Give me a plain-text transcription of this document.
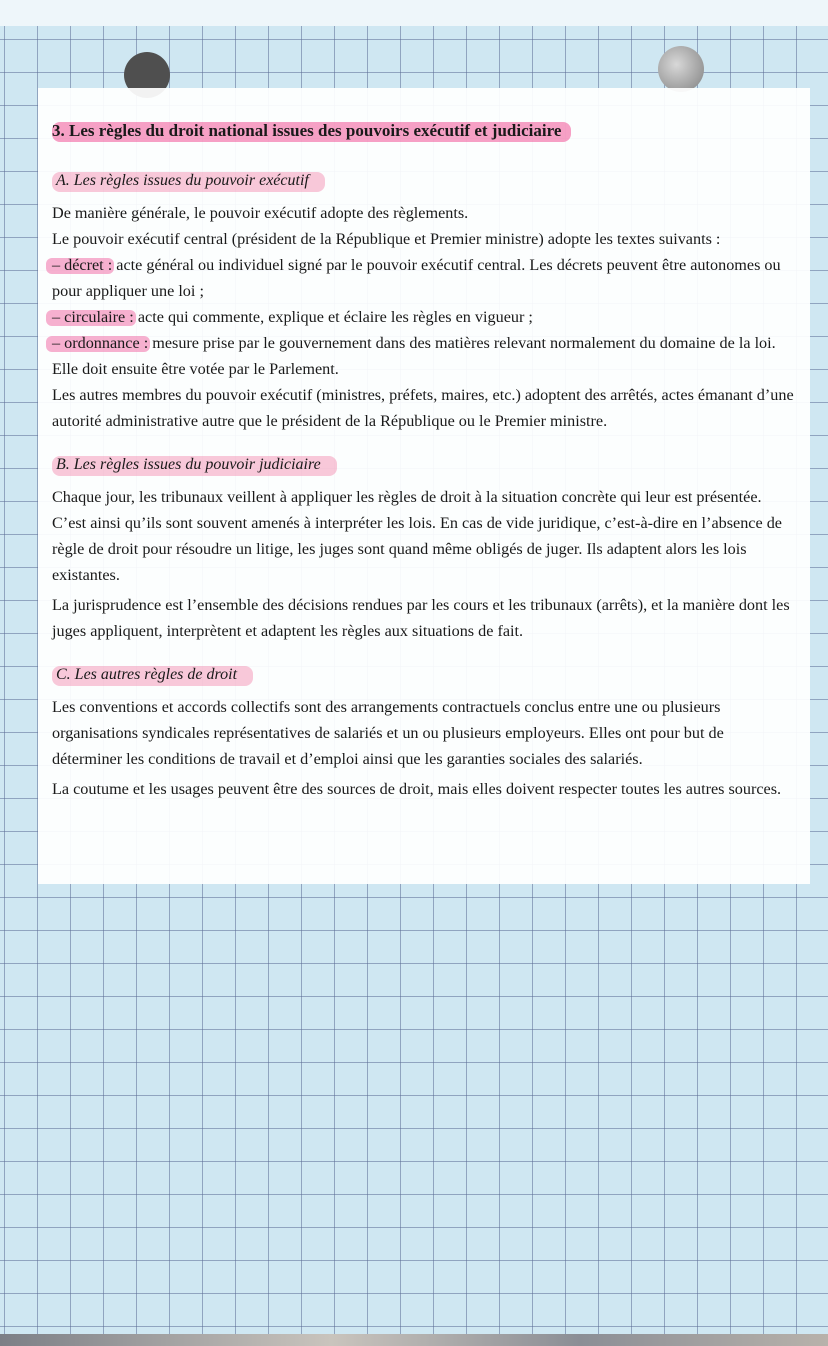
3. Les règles du droit national issues des pouvoirs exécutif et judiciaire
A. Les règles issues du pouvoir exécutif

De manière générale, le pouvoir exécutif adopte des règlements.

Le pouvoir exécutif central (président de la République et Premier ministre) adopte les textes suivants :

– décret : acte général ou individuel signé par le pouvoir exécutif central. Les décrets peuvent être autonomes ou pour appliquer une loi ;

– circulaire : acte qui commente, explique et éclaire les règles en vigueur ;

– ordonnance : mesure prise par le gouvernement dans des matières relevant normalement du domaine de la loi. Elle doit ensuite être votée par le Parlement.

Les autres membres du pouvoir exécutif (ministres, préfets, maires, etc.) adoptent des arrêtés, actes émanant d’une autorité administrative autre que le président de la République ou le Premier ministre.

B. Les règles issues du pouvoir judiciaire

Chaque jour, les tribunaux veillent à appliquer les règles de droit à la situation concrète qui leur est présentée. C’est ainsi qu’ils sont souvent amenés à interpréter les lois. En cas de vide juridique, c’est-à-dire en l’absence de règle de droit pour résoudre un litige, les juges sont quand même obligés de juger. Ils adaptent alors les lois existantes.

La jurisprudence est l’ensemble des décisions rendues par les cours et les tribunaux (arrêts), et la manière dont les juges appliquent, interprètent et adaptent les règles aux situations de fait.

C. Les autres règles de droit

Les conventions et accords collectifs sont des arrangements contractuels conclus entre une ou plusieurs organisations syndicales représentatives de salariés et un ou plusieurs employeurs. Elles ont pour but de déterminer les conditions de travail et d’emploi ainsi que les garanties sociales des salariés.

La coutume et les usages peuvent être des sources de droit, mais elles doivent respecter toutes les autres sources.
